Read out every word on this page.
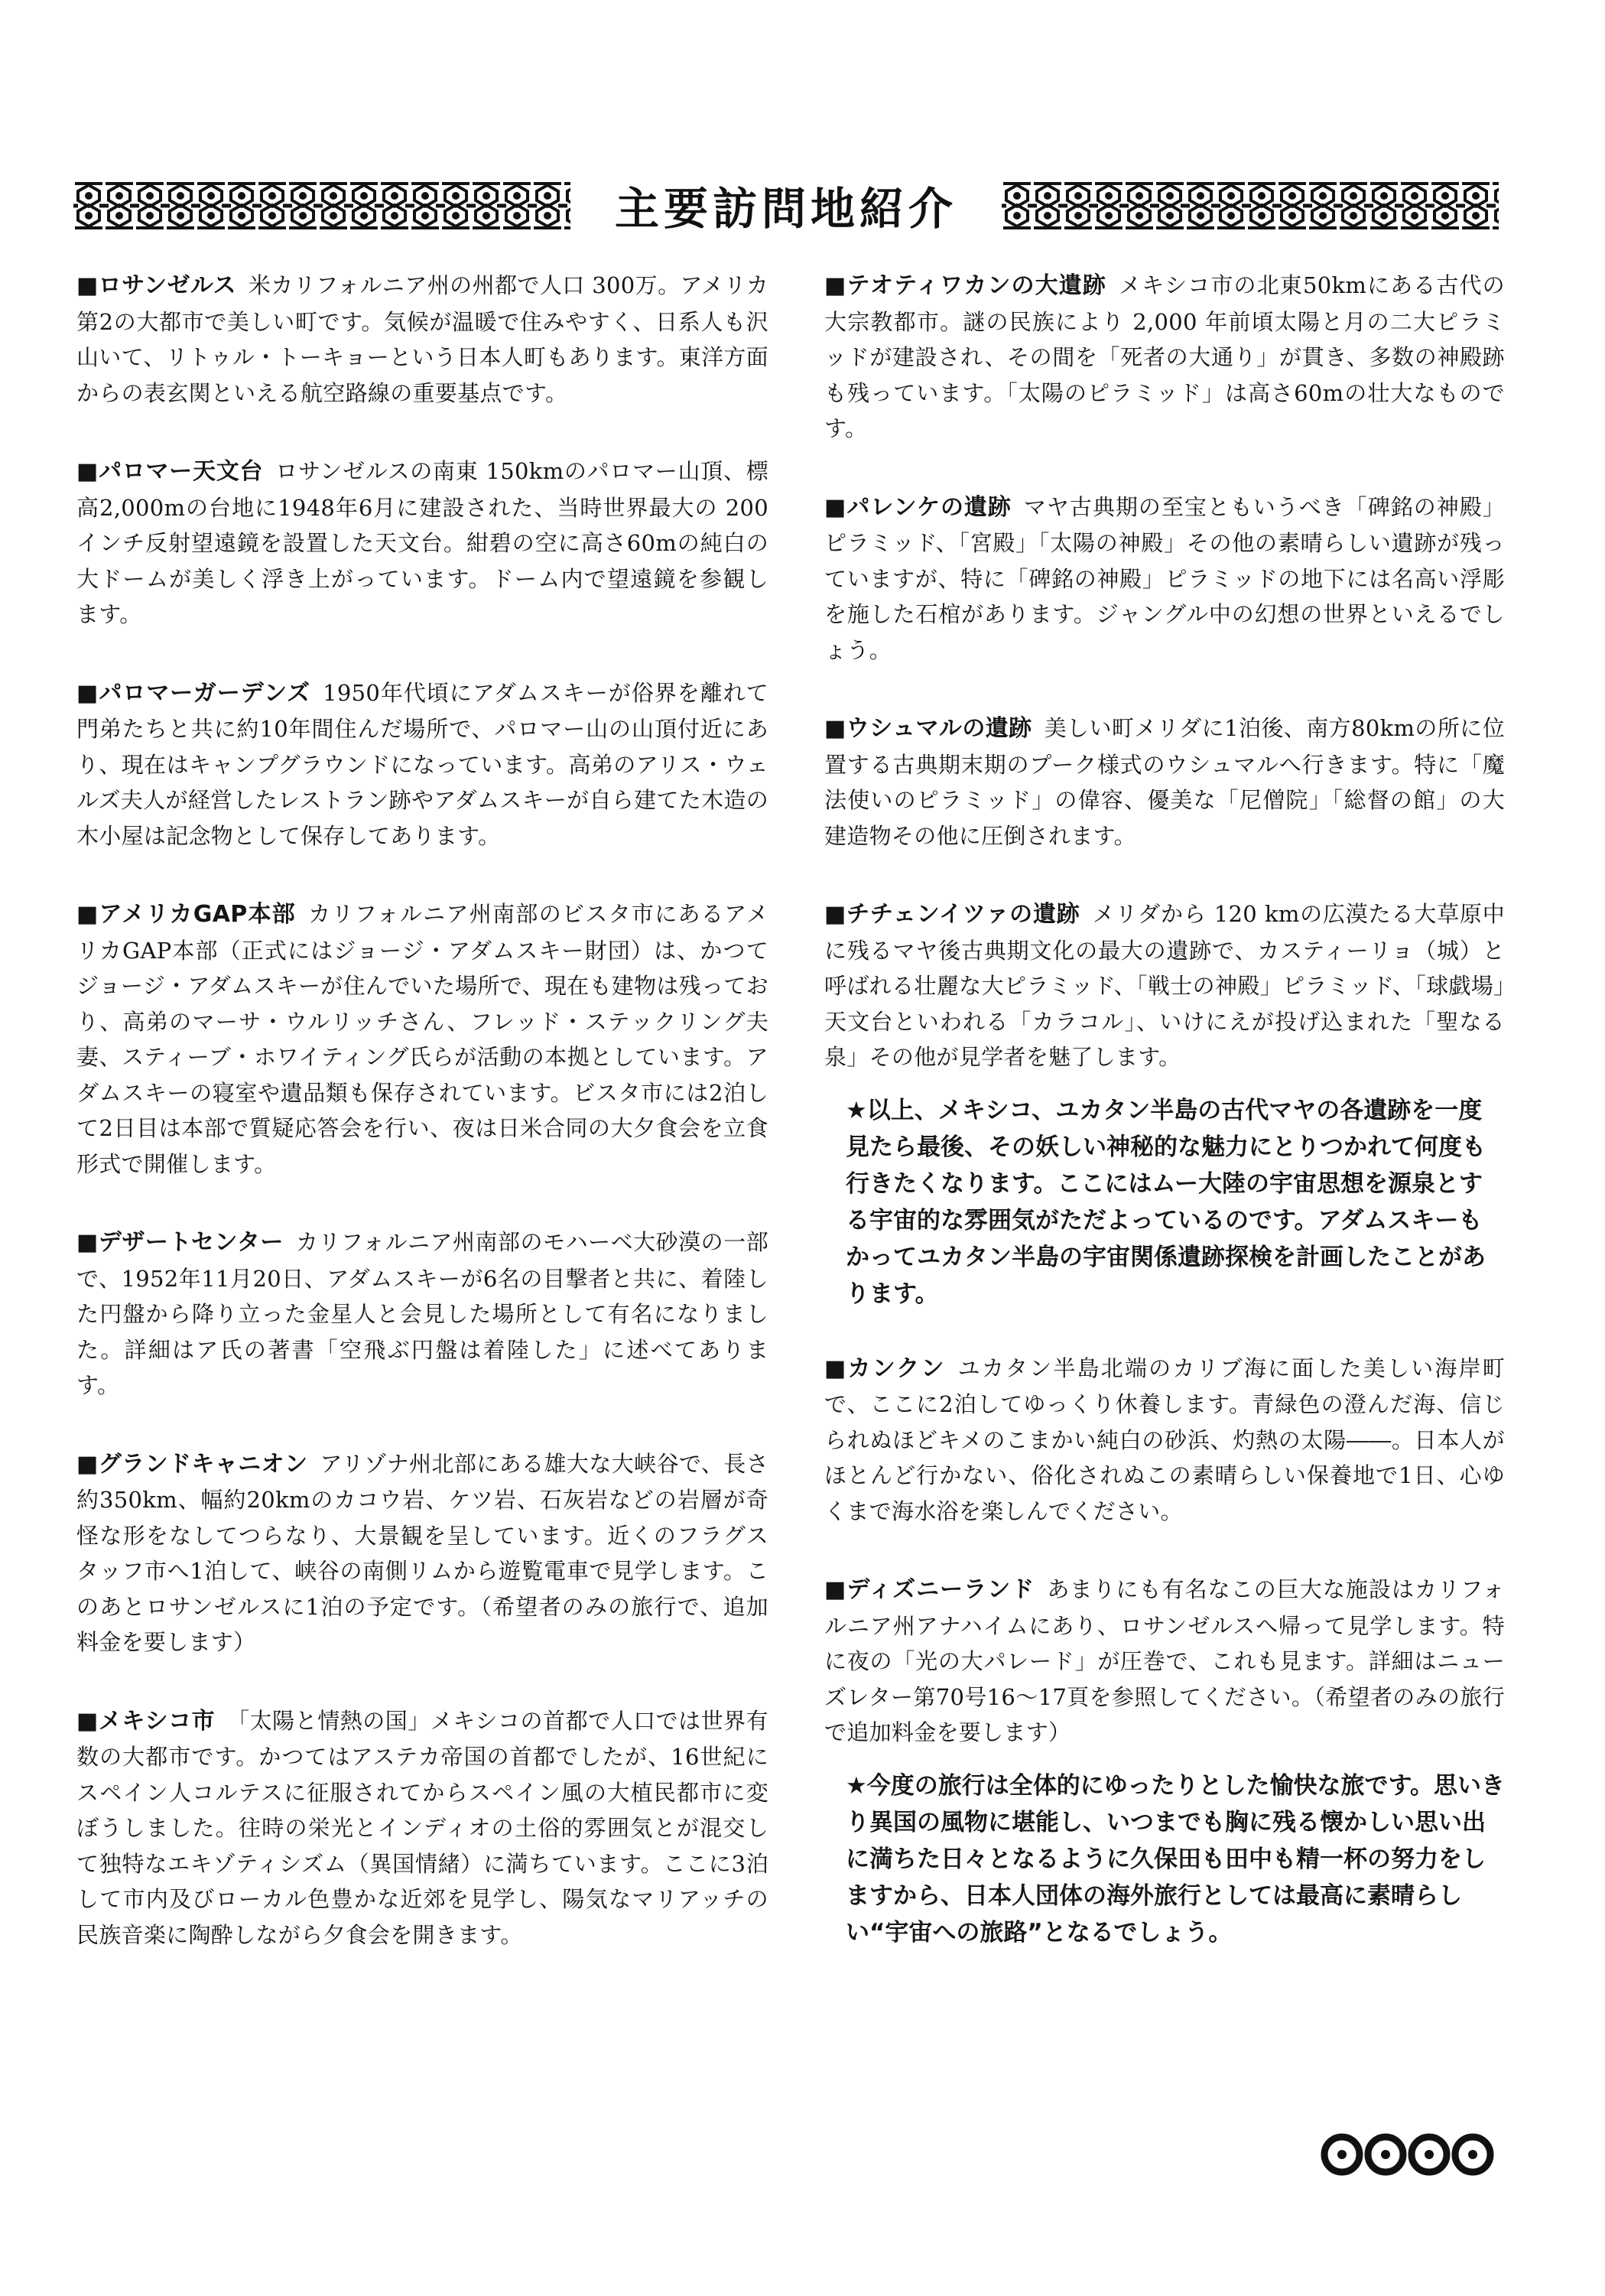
主要訪問地紹介

■ロサンゼルス 米カリフォルニア州の州都で人口 300万。アメリカ第2の大都市で美しい町です。気候が温暖で住みやすく、日系人も沢山いて、リトゥル・トーキョーという日本人町もあります。東洋方面からの表玄関といえる航空路線の重要基点です。

■パロマー天文台 ロサンゼルスの南東 150kmのパロマー山頂、標高2,000mの台地に1948年6月に建設された、当時世界最大の 200 インチ反射望遠鏡を設置した天文台。紺碧の空に高さ60mの純白の大ドームが美しく浮き上がっています。ドーム内で望遠鏡を参観します。

■パロマーガーデンズ 1950年代頃にアダムスキーが俗界を離れて門弟たちと共に約10年間住んだ場所で、パロマー山の山頂付近にあり、現在はキャンプグラウンドになっています。高弟のアリス・ウェルズ夫人が経営したレストラン跡やアダムスキーが自ら建てた木造の木小屋は記念物として保存してあります。

■アメリカGAP本部 カリフォルニア州南部のビスタ市にあるアメリカGAP本部（正式にはジョージ・アダムスキー財団）は、かつてジョージ・アダムスキーが住んでいた場所で、現在も建物は残っており、高弟のマーサ・ウルリッチさん、フレッド・ステックリング夫妻、スティーブ・ホワイティング氏らが活動の本拠としています。アダムスキーの寝室や遺品類も保存されています。ビスタ市には2泊して2日目は本部で質疑応答会を行い、夜は日米合同の大夕食会を立食形式で開催します。

■デザートセンター カリフォルニア州南部のモハーベ大砂漠の一部で、1952年11月20日、アダムスキーが6名の目撃者と共に、着陸した円盤から降り立った金星人と会見した場所として有名になりました。詳細はア氏の著書「空飛ぶ円盤は着陸した」に述べてあります。

■グランドキャニオン アリゾナ州北部にある雄大な大峡谷で、長さ約350km、幅約20kmのカコウ岩、ケツ岩、石灰岩などの岩層が奇怪な形をなしてつらなり、大景観を呈しています。近くのフラグスタッフ市へ1泊して、峡谷の南側リムから遊覧電車で見学します。このあとロサンゼルスに1泊の予定です。（希望者のみの旅行で、追加料金を要します）

■メキシコ市 「太陽と情熱の国」メキシコの首都で人口では世界有数の大都市です。かつてはアステカ帝国の首都でしたが、16世紀にスペイン人コルテスに征服されてからスペイン風の大植民都市に変ぼうしました。往時の栄光とインディオの土俗的雰囲気とが混交して独特なエキゾティシズム（異国情緒）に満ちています。ここに3泊して市内及びローカル色豊かな近郊を見学し、陽気なマリアッチの民族音楽に陶酔しながら夕食会を開きます。

■テオティワカンの大遺跡 メキシコ市の北東50kmにある古代の大宗教都市。謎の民族により 2,000 年前頃太陽と月の二大ピラミッドが建設され、その間を「死者の大通り」が貫き、多数の神殿跡も残っています。「太陽のピラミッド」は高さ60mの壮大なものです。

■パレンケの遺跡 マヤ古典期の至宝ともいうべき「碑銘の神殿」ピラミッド、「宮殿」「太陽の神殿」その他の素晴らしい遺跡が残っていますが、特に「碑銘の神殿」ピラミッドの地下には名高い浮彫を施した石棺があります。ジャングル中の幻想の世界といえるでしょう。

■ウシュマルの遺跡 美しい町メリダに1泊後、南方80kmの所に位置する古典期末期のプーク様式のウシュマルへ行きます。特に「魔法使いのピラミッド」の偉容、優美な「尼僧院」「総督の館」の大建造物その他に圧倒されます。

■チチェンイツァの遺跡 メリダから 120 kmの広漠たる大草原中に残るマヤ後古典期文化の最大の遺跡で、カスティーリョ（城）と呼ばれる壮麗な大ピラミッド、「戦士の神殿」ピラミッド、「球戯場」天文台といわれる「カラコル」、いけにえが投げ込まれた「聖なる泉」その他が見学者を魅了します。

★以上、メキシコ、ユカタン半島の古代マヤの各遺跡を一度見たら最後、その妖しい神秘的な魅力にとりつかれて何度も行きたくなります。ここにはムー大陸の宇宙思想を源泉とする宇宙的な雰囲気がただよっているのです。アダムスキーもかってユカタン半島の宇宙関係遺跡探検を計画したことがあります。

■カンクン ユカタン半島北端のカリブ海に面した美しい海岸町で、ここに2泊してゆっくり休養します。青緑色の澄んだ海、信じられぬほどキメのこまかい純白の砂浜、灼熱の太陽――。日本人がほとんど行かない、俗化されぬこの素晴らしい保養地で1日、心ゆくまで海水浴を楽しんでください。

■ディズニーランド あまりにも有名なこの巨大な施設はカリフォルニア州アナハイムにあり、ロサンゼルスへ帰って見学します。特に夜の「光の大パレード」が圧巻で、これも見ます。詳細はニューズレター第70号16～17頁を参照してください。（希望者のみの旅行で追加料金を要します）

★今度の旅行は全体的にゆったりとした愉快な旅です。思いきり異国の風物に堪能し、いつまでも胸に残る懐かしい思い出に満ちた日々となるように久保田も田中も精一杯の努力をしますから、日本人団体の海外旅行としては最高に素晴らしい“宇宙への旅路”となるでしょう。
